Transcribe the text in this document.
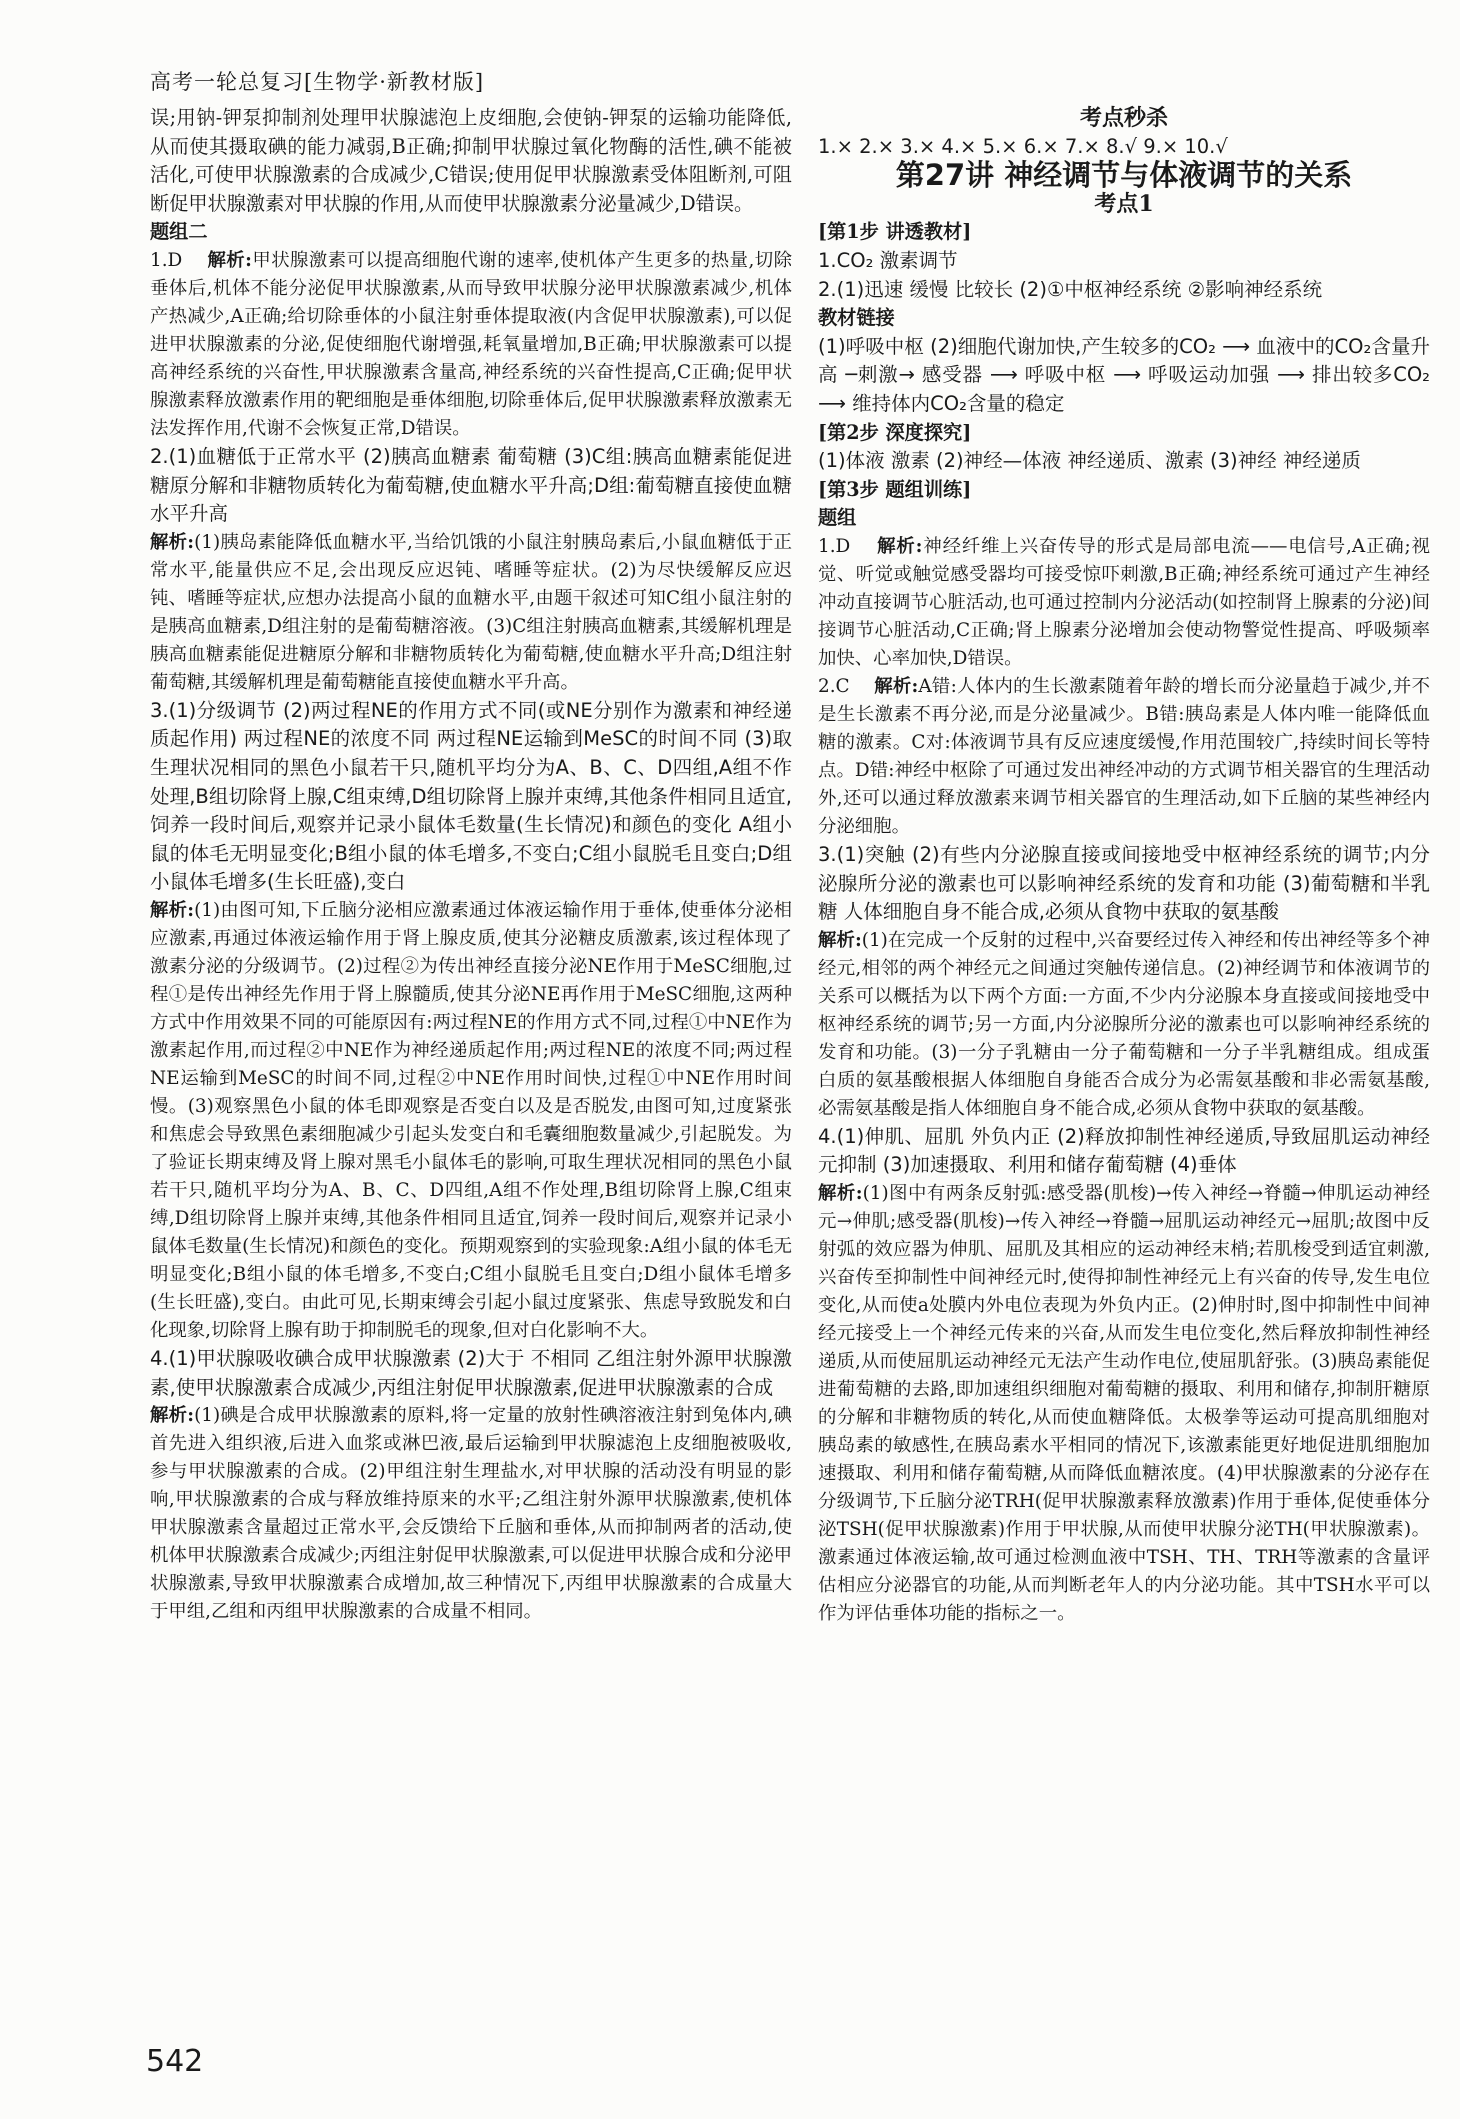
高考一轮总复习[生物学·新教材版]

误;用钠-钾泵抑制剂处理甲状腺滤泡上皮细胞,会使钠-钾泵的运输功能降低,从而使其摄取碘的能力减弱,B正确;抑制甲状腺过氧化物酶的活性,碘不能被活化,可使甲状腺激素的合成减少,C错误;使用促甲状腺激素受体阻断剂,可阻断促甲状腺激素对甲状腺的作用,从而使甲状腺激素分泌量减少,D错误。

题组二

1.D 解析:甲状腺激素可以提高细胞代谢的速率,使机体产生更多的热量,切除垂体后,机体不能分泌促甲状腺激素,从而导致甲状腺分泌甲状腺激素减少,机体产热减少,A正确;给切除垂体的小鼠注射垂体提取液(内含促甲状腺激素),可以促进甲状腺激素的分泌,促使细胞代谢增强,耗氧量增加,B正确;甲状腺激素可以提高神经系统的兴奋性,甲状腺激素含量高,神经系统的兴奋性提高,C正确;促甲状腺激素释放激素作用的靶细胞是垂体细胞,切除垂体后,促甲状腺激素释放激素无法发挥作用,代谢不会恢复正常,D错误。

2.(1)血糖低于正常水平 (2)胰高血糖素 葡萄糖 (3)C组:胰高血糖素能促进糖原分解和非糖物质转化为葡萄糖,使血糖水平升高;D组:葡萄糖直接使血糖水平升高

解析:(1)胰岛素能降低血糖水平,当给饥饿的小鼠注射胰岛素后,小鼠血糖低于正常水平,能量供应不足,会出现反应迟钝、嗜睡等症状。(2)为尽快缓解反应迟钝、嗜睡等症状,应想办法提高小鼠的血糖水平,由题干叙述可知C组小鼠注射的是胰高血糖素,D组注射的是葡萄糖溶液。(3)C组注射胰高血糖素,其缓解机理是胰高血糖素能促进糖原分解和非糖物质转化为葡萄糖,使血糖水平升高;D组注射葡萄糖,其缓解机理是葡萄糖能直接使血糖水平升高。

3.(1)分级调节 (2)两过程NE的作用方式不同(或NE分别作为激素和神经递质起作用) 两过程NE的浓度不同 两过程NE运输到MeSC的时间不同 (3)取生理状况相同的黑色小鼠若干只,随机平均分为A、B、C、D四组,A组不作处理,B组切除肾上腺,C组束缚,D组切除肾上腺并束缚,其他条件相同且适宜,饲养一段时间后,观察并记录小鼠体毛数量(生长情况)和颜色的变化 A组小鼠的体毛无明显变化;B组小鼠的体毛增多,不变白;C组小鼠脱毛且变白;D组小鼠体毛增多(生长旺盛),变白

解析:(1)由图可知,下丘脑分泌相应激素通过体液运输作用于垂体,使垂体分泌相应激素,再通过体液运输作用于肾上腺皮质,使其分泌糖皮质激素,该过程体现了激素分泌的分级调节。(2)过程②为传出神经直接分泌NE作用于MeSC细胞,过程①是传出神经先作用于肾上腺髓质,使其分泌NE再作用于MeSC细胞,这两种方式中作用效果不同的可能原因有:两过程NE的作用方式不同,过程①中NE作为激素起作用,而过程②中NE作为神经递质起作用;两过程NE的浓度不同;两过程NE运输到MeSC的时间不同,过程②中NE作用时间快,过程①中NE作用时间慢。(3)观察黑色小鼠的体毛即观察是否变白以及是否脱发,由图可知,过度紧张和焦虑会导致黑色素细胞减少引起头发变白和毛囊细胞数量减少,引起脱发。为了验证长期束缚及肾上腺对黑毛小鼠体毛的影响,可取生理状况相同的黑色小鼠若干只,随机平均分为A、B、C、D四组,A组不作处理,B组切除肾上腺,C组束缚,D组切除肾上腺并束缚,其他条件相同且适宜,饲养一段时间后,观察并记录小鼠体毛数量(生长情况)和颜色的变化。预期观察到的实验现象:A组小鼠的体毛无明显变化;B组小鼠的体毛增多,不变白;C组小鼠脱毛且变白;D组小鼠体毛增多(生长旺盛),变白。由此可见,长期束缚会引起小鼠过度紧张、焦虑导致脱发和白化现象,切除肾上腺有助于抑制脱毛的现象,但对白化影响不大。

4.(1)甲状腺吸收碘合成甲状腺激素 (2)大于 不相同 乙组注射外源甲状腺激素,使甲状腺激素合成减少,丙组注射促甲状腺激素,促进甲状腺激素的合成

解析:(1)碘是合成甲状腺激素的原料,将一定量的放射性碘溶液注射到兔体内,碘首先进入组织液,后进入血浆或淋巴液,最后运输到甲状腺滤泡上皮细胞被吸收,参与甲状腺激素的合成。(2)甲组注射生理盐水,对甲状腺的活动没有明显的影响,甲状腺激素的合成与释放维持原来的水平;乙组注射外源甲状腺激素,使机体甲状腺激素含量超过正常水平,会反馈给下丘脑和垂体,从而抑制两者的活动,使机体甲状腺激素合成减少;丙组注射促甲状腺激素,可以促进甲状腺合成和分泌甲状腺激素,导致甲状腺激素合成增加,故三种情况下,丙组甲状腺激素的合成量大于甲组,乙组和丙组甲状腺激素的合成量不相同。

考点秒杀

1.× 2.× 3.× 4.× 5.× 6.× 7.× 8.√ 9.× 10.√

第27讲 神经调节与体液调节的关系

考点1

[第1步 讲透教材]

1.CO₂ 激素调节

2.(1)迅速 缓慢 比较长 (2)①中枢神经系统 ②影响神经系统

教材链接

(1)呼吸中枢 (2)细胞代谢加快,产生较多的CO₂ ⟶ 血液中的CO₂含量升高 ─刺激→ 感受器 ⟶ 呼吸中枢 ⟶ 呼吸运动加强 ⟶ 排出较多CO₂ ⟶ 维持体内CO₂含量的稳定

[第2步 深度探究]

(1)体液 激素 (2)神经—体液 神经递质、激素 (3)神经 神经递质

[第3步 题组训练]

题组

1.D 解析:神经纤维上兴奋传导的形式是局部电流——电信号,A正确;视觉、听觉或触觉感受器均可接受惊吓刺激,B正确;神经系统可通过产生神经冲动直接调节心脏活动,也可通过控制内分泌活动(如控制肾上腺素的分泌)间接调节心脏活动,C正确;肾上腺素分泌增加会使动物警觉性提高、呼吸频率加快、心率加快,D错误。

2.C 解析:A错:人体内的生长激素随着年龄的增长而分泌量趋于减少,并不是生长激素不再分泌,而是分泌量减少。B错:胰岛素是人体内唯一能降低血糖的激素。C对:体液调节具有反应速度缓慢,作用范围较广,持续时间长等特点。D错:神经中枢除了可通过发出神经冲动的方式调节相关器官的生理活动外,还可以通过释放激素来调节相关器官的生理活动,如下丘脑的某些神经内分泌细胞。

3.(1)突触 (2)有些内分泌腺直接或间接地受中枢神经系统的调节;内分泌腺所分泌的激素也可以影响神经系统的发育和功能 (3)葡萄糖和半乳糖 人体细胞自身不能合成,必须从食物中获取的氨基酸

解析:(1)在完成一个反射的过程中,兴奋要经过传入神经和传出神经等多个神经元,相邻的两个神经元之间通过突触传递信息。(2)神经调节和体液调节的关系可以概括为以下两个方面:一方面,不少内分泌腺本身直接或间接地受中枢神经系统的调节;另一方面,内分泌腺所分泌的激素也可以影响神经系统的发育和功能。(3)一分子乳糖由一分子葡萄糖和一分子半乳糖组成。组成蛋白质的氨基酸根据人体细胞自身能否合成分为必需氨基酸和非必需氨基酸,必需氨基酸是指人体细胞自身不能合成,必须从食物中获取的氨基酸。

4.(1)伸肌、屈肌 外负内正 (2)释放抑制性神经递质,导致屈肌运动神经元抑制 (3)加速摄取、利用和储存葡萄糖 (4)垂体

解析:(1)图中有两条反射弧:感受器(肌梭)→传入神经→脊髓→伸肌运动神经元→伸肌;感受器(肌梭)→传入神经→脊髓→屈肌运动神经元→屈肌;故图中反射弧的效应器为伸肌、屈肌及其相应的运动神经末梢;若肌梭受到适宜刺激,兴奋传至抑制性中间神经元时,使得抑制性神经元上有兴奋的传导,发生电位变化,从而使a处膜内外电位表现为外负内正。(2)伸肘时,图中抑制性中间神经元接受上一个神经元传来的兴奋,从而发生电位变化,然后释放抑制性神经递质,从而使屈肌运动神经元无法产生动作电位,使屈肌舒张。(3)胰岛素能促进葡萄糖的去路,即加速组织细胞对葡萄糖的摄取、利用和储存,抑制肝糖原的分解和非糖物质的转化,从而使血糖降低。太极拳等运动可提高肌细胞对胰岛素的敏感性,在胰岛素水平相同的情况下,该激素能更好地促进肌细胞加速摄取、利用和储存葡萄糖,从而降低血糖浓度。(4)甲状腺激素的分泌存在分级调节,下丘脑分泌TRH(促甲状腺激素释放激素)作用于垂体,促使垂体分泌TSH(促甲状腺激素)作用于甲状腺,从而使甲状腺分泌TH(甲状腺激素)。激素通过体液运输,故可通过检测血液中TSH、TH、TRH等激素的含量评估相应分泌器官的功能,从而判断老年人的内分泌功能。其中TSH水平可以作为评估垂体功能的指标之一。

542
